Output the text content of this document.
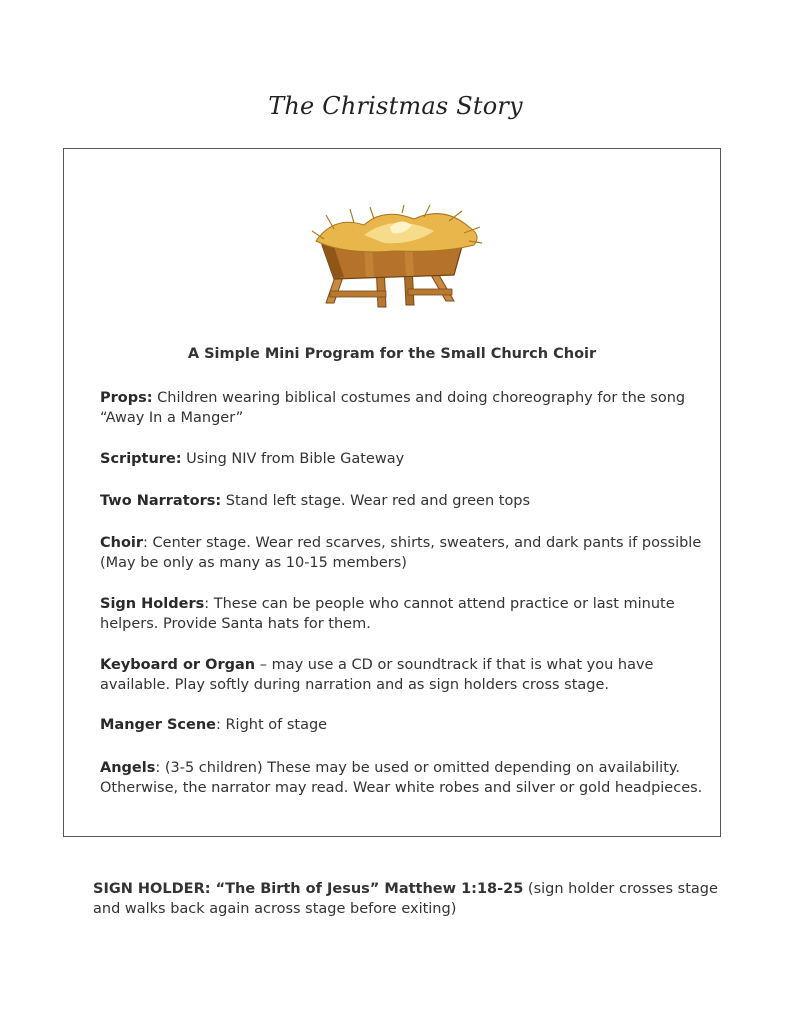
The Christmas Story
A Simple Mini Program for the Small Church Choir
Props: Children wearing biblical costumes and doing choreography for the song “Away In a Manger”
Scripture: Using NIV from Bible Gateway
Two Narrators: Stand left stage. Wear red and green tops
Choir: Center stage. Wear red scarves, shirts, sweaters, and dark pants if possible (May be only as many as 10-15 members)
Sign Holders: These can be people who cannot attend practice or last minute helpers. Provide Santa hats for them.
Keyboard or Organ – may use a CD or soundtrack if that is what you have available. Play softly during narration and as sign holders cross stage.
Manger Scene: Right of stage
Angels: (3-5 children) These may be used or omitted depending on availability. Otherwise, the narrator may read. Wear white robes and silver or gold headpieces.
SIGN HOLDER: “The Birth of Jesus” Matthew 1:18-25 (sign holder crosses stage and walks back again across stage before exiting)
